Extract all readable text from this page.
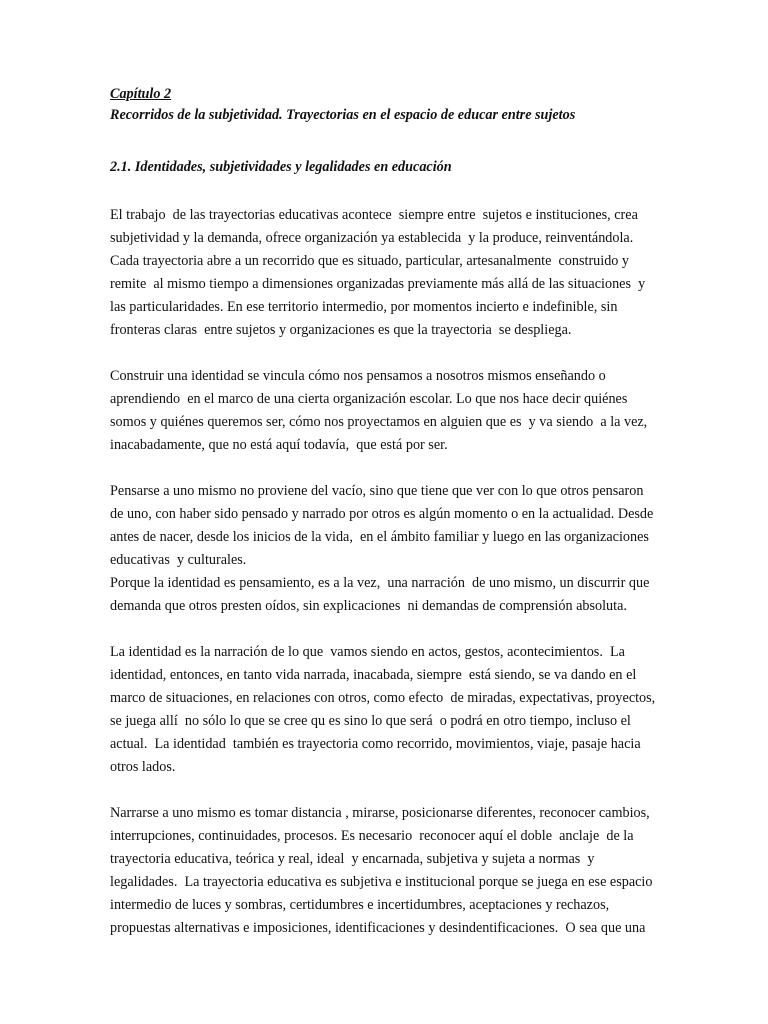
Capítulo 2

Recorridos de la subjetividad. Trayectorias en el espacio de educar entre sujetos

2.1. Identidades, subjetividades y legalidades en educación

El trabajo  de las trayectorias educativas acontece  siempre entre  sujetos e instituciones, crea
subjetividad y la demanda, ofrece organización ya establecida  y la produce, reinventándola.
Cada trayectoria abre a un recorrido que es situado, particular, artesanalmente  construido y
remite  al mismo tiempo a dimensiones organizadas previamente más allá de las situaciones  y
las particularidades. En ese territorio intermedio, por momentos incierto e indefinible, sin
fronteras claras  entre sujetos y organizaciones es que la trayectoria  se despliega.
Construir una identidad se vincula cómo nos pensamos a nosotros mismos enseñando o
aprendiendo  en el marco de una cierta organización escolar. Lo que nos hace decir quiénes
somos y quiénes queremos ser, cómo nos proyectamos en alguien que es  y va siendo  a la vez,
inacabadamente, que no está aquí todavía,  que está por ser.
Pensarse a uno mismo no proviene del vacío, sino que tiene que ver con lo que otros pensaron
de uno, con haber sido pensado y narrado por otros es algún momento o en la actualidad. Desde
antes de nacer, desde los inicios de la vida,  en el ámbito familiar y luego en las organizaciones
educativas  y culturales.
Porque la identidad es pensamiento, es a la vez,  una narración  de uno mismo, un discurrir que
demanda que otros presten oídos, sin explicaciones  ni demandas de comprensión absoluta.
La identidad es la narración de lo que  vamos siendo en actos, gestos, acontecimientos.  La
identidad, entonces, en tanto vida narrada, inacabada, siempre  está siendo, se va dando en el
marco de situaciones, en relaciones con otros, como efecto  de miradas, expectativas, proyectos,
se juega allí  no sólo lo que se cree qu es sino lo que será  o podrá en otro tiempo, incluso el
actual.  La identidad  también es trayectoria como recorrido, movimientos, viaje, pasaje hacia
otros lados.
Narrarse a uno mismo es tomar distancia , mirarse, posicionarse diferentes, reconocer cambios,
interrupciones, continuidades, procesos. Es necesario  reconocer aquí el doble  anclaje  de la
trayectoria educativa, teórica y real, ideal  y encarnada, subjetiva y sujeta a normas  y
legalidades.  La trayectoria educativa es subjetiva e institucional porque se juega en ese espacio
intermedio de luces y sombras, certidumbres e incertidumbres, aceptaciones y rechazos,
propuestas alternativas e imposiciones, identificaciones y desindentificaciones.  O sea que una
